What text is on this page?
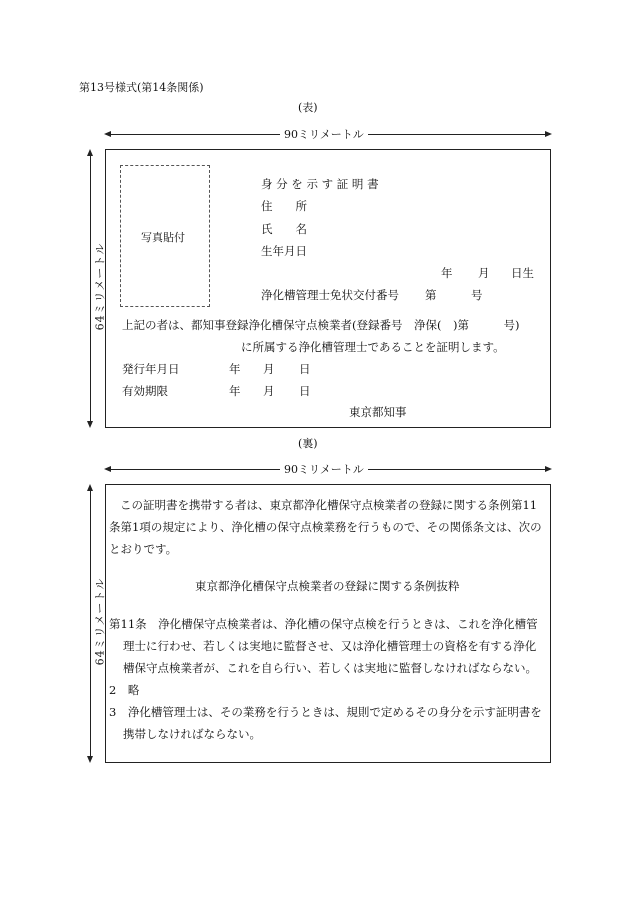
第13号様式(第14条関係)
(表)
90ミリメートル
64ミリメートル
写真貼付
身 分 を 示 す 証 明 書
住　　所
氏　　名
生年月日
年 月 日生
浄化槽管理士免状交付番号 第	号
上記の者は、都知事登録浄化槽保守点検業者(登録番号　浄保(　)第　　　号)
に所属する浄化槽管理士であることを証明します。
発行年月日	年 月 日
有効期限	年 月 日
東京都知事
(裏)
90ミリメートル
64ミリメートル
この証明書を携帯する者は、東京都浄化槽保守点検業者の登録に関する条例第11
条第1項の規定により、浄化槽の保守点検業務を行うもので、その関係条文は、次の
とおりです。
東京都浄化槽保守点検業者の登録に関する条例抜粋
第11条　浄化槽保守点検業者は、浄化槽の保守点検を行うときは、これを浄化槽管
理士に行わせ、若しくは実地に監督させ、又は浄化槽管理士の資格を有する浄化
槽保守点検業者が、これを自ら行い、若しくは実地に監督しなければならない。
2　略
3　浄化槽管理士は、その業務を行うときは、規則で定めるその身分を示す証明書を
携帯しなければならない。
